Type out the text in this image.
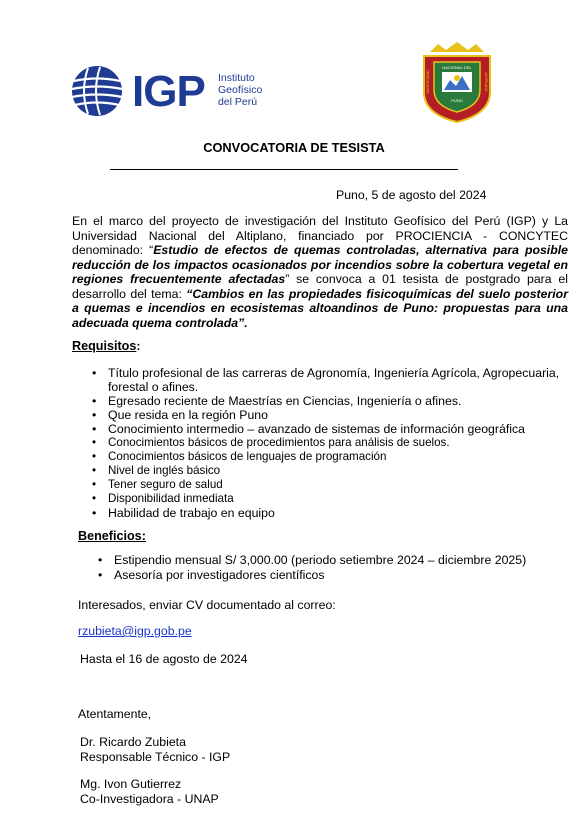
IGP Instituto
Geofísico
del Perú
NACIONAL DEL
PUNO
UNIVERSIDAD	ALTIPLANO
CONVOCATORIA DE TESISTA
Puno, 5 de agosto del 2024
En el marco del proyecto de investigación del Instituto Geofísico del Perú (IGP) y La Universidad Nacional del Altiplano, financiado por PROCIENCIA - CONCYTEC denominado: “Estudio de efectos de quemas controladas, alternativa para posible reducción de los impactos ocasionados por incendios sobre la cobertura vegetal en regiones frecuentemente afectadas” se convoca a 01 tesista de postgrado para el desarrollo del tema: “Cambios en las propiedades fisicoquímicas del suelo posterior a quemas e incendios en ecosistemas altoandinos de Puno: propuestas para una adecuada quema controlada”.
Requisitos:
• Título profesional de las carreras de Agronomía, Ingeniería Agrícola, Agropecuaria, forestal o afines.
• Egresado reciente de Maestrías en Ciencias, Ingeniería o afines.
• Que resida en la región Puno
• Conocimiento intermedio – avanzado de sistemas de información geográfica
• Conocimientos básicos de procedimientos para análisis de suelos.
• Conocimientos básicos de lenguajes de programación
• Nivel de inglés básico
• Tener seguro de salud
• Disponibilidad inmediata
• Habilidad de trabajo en equipo
Beneficios:
• Estipendio mensual S/ 3,000.00 (periodo setiembre 2024 – diciembre 2025)
• Asesoría por investigadores científicos
Interesados, enviar CV documentado al correo:
rzubieta@igp.gob.pe
Hasta el 16 de agosto de 2024
Atentamente,
Dr. Ricardo Zubieta
Responsable Técnico - IGP
Mg. Ivon Gutierrez
Co-Investigadora - UNAP
